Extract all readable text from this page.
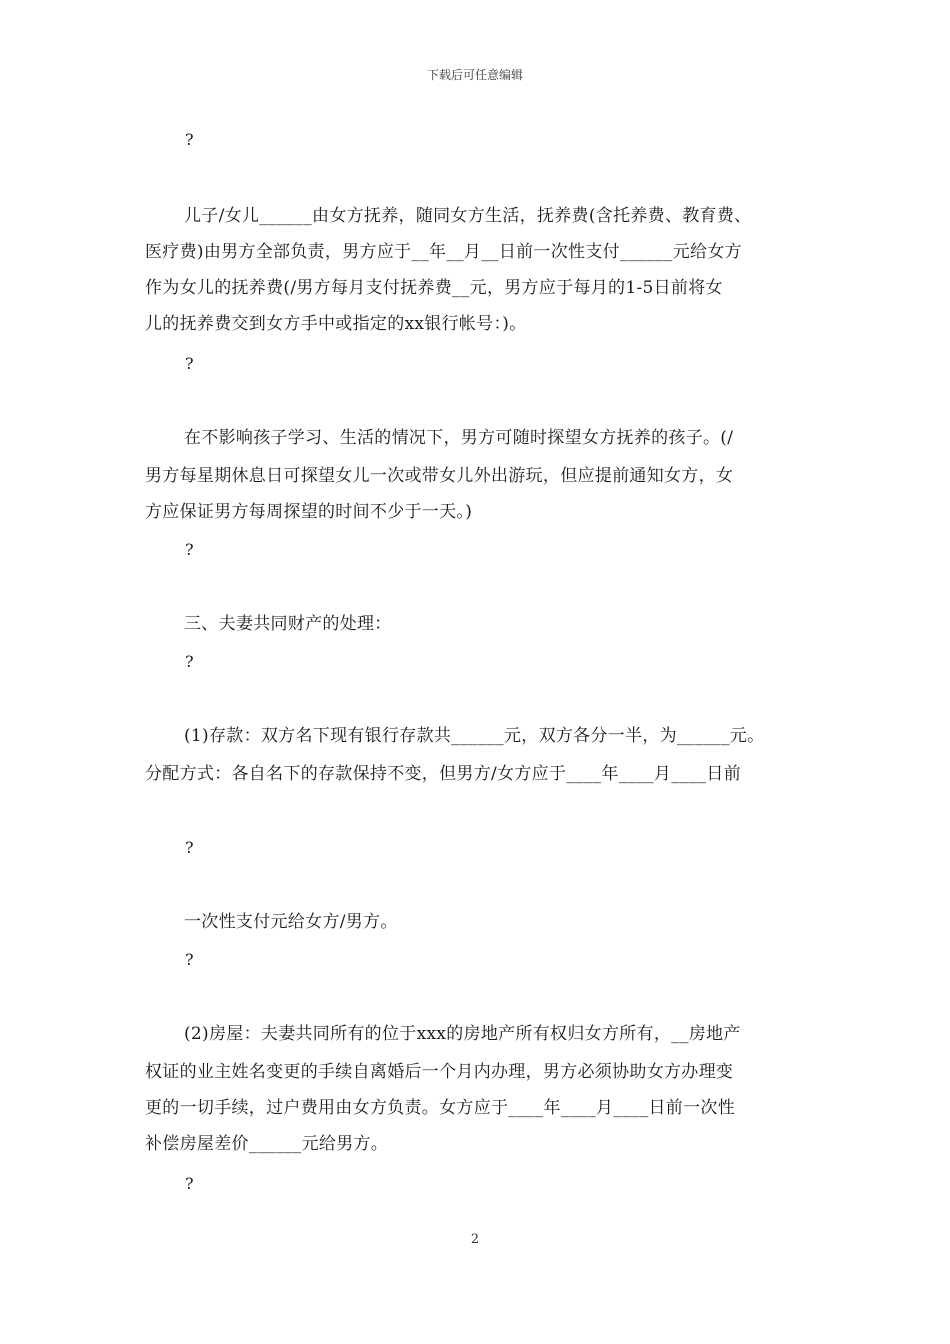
下载后可任意编辑
?
儿子/女儿______由女方抚养，随同女方生活，抚养费(含托养费、教育费、
医疗费)由男方全部负责，男方应于__年__月__日前一次性支付______元给女方
作为女儿的抚养费(/男方每月支付抚养费__元，男方应于每月的1-5日前将女
儿的抚养费交到女方手中或指定的xx银行帐号：)。
?
在不影响孩子学习、生活的情况下，男方可随时探望女方抚养的孩子。(/
男方每星期休息日可探望女儿一次或带女儿外出游玩，但应提前通知女方，女
方应保证男方每周探望的时间不少于一天。)
?
三、夫妻共同财产的处理：
?
(1)存款：双方名下现有银行存款共______元，双方各分一半，为______元。
分配方式：各自名下的存款保持不变，但男方/女方应于____年____月____日前
?
一次性支付元给女方/男方。
?
(2)房屋：夫妻共同所有的位于xxx的房地产所有权归女方所有，__房地产
权证的业主姓名变更的手续自离婚后一个月内办理，男方必须协助女方办理变
更的一切手续，过户费用由女方负责。女方应于____年____月____日前一次性
补偿房屋差价______元给男方。
?
2
